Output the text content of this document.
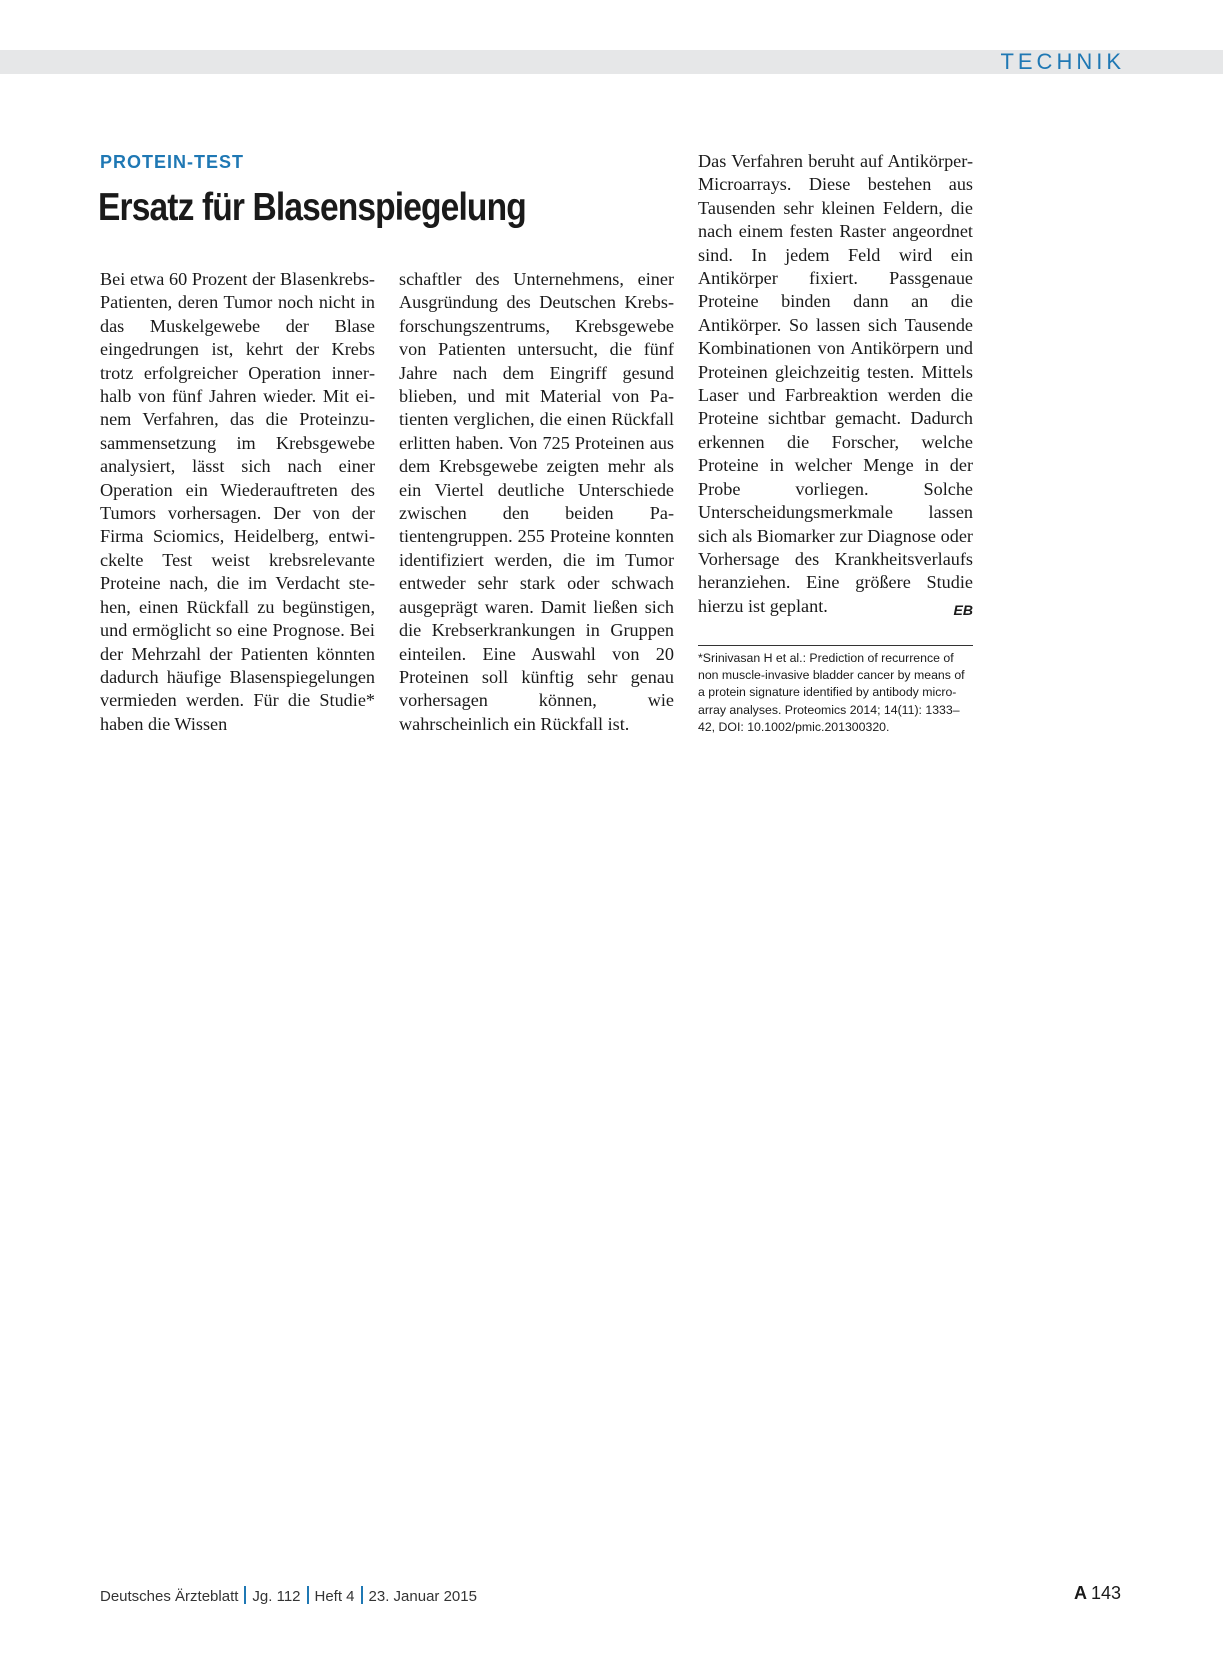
TECHNIK
PROTEIN-TEST
Ersatz für Blasenspiegelung

Bei etwa 60 Prozent der Blasenkrebs-Patienten, deren Tumor noch nicht in das Muskelgewebe der Blase eingedrungen ist, kehrt der Krebs trotz erfolgreicher Operation innerhalb von fünf Jahren wieder. Mit einem Verfahren, das die Proteinzusammensetzung im Krebsgewebe analysiert, lässt sich nach einer Operation ein Wiederauftreten des Tumors vorhersagen. Der von der Firma Sciomics, Heidelberg, entwickelte Test weist krebsrelevante Proteine nach, die im Verdacht stehen, einen Rückfall zu begünstigen, und ermöglicht so eine Prognose. Bei der Mehrzahl der Patienten könnten dadurch häufige Blasenspiegelungen vermieden werden. Für die Studie* haben die Wissen

schaftler des Unternehmens, einer Ausgründung des Deutschen Krebsforschungszentrums, Krebsgewebe von Patienten untersucht, die fünf Jahre nach dem Eingriff gesund blieben, und mit Material von Patienten verglichen, die einen Rückfall erlitten haben. Von 725 Proteinen aus dem Krebsgewebe zeigten mehr als ein Viertel deutliche Unterschiede zwischen den beiden Patientengruppen. 255 Proteine konnten identifiziert werden, die im Tumor entweder sehr stark oder schwach ausgeprägt waren. Damit ließen sich die Krebserkrankungen in Gruppen einteilen. Eine Auswahl von 20 Proteinen soll künftig sehr genau vorhersagen können, wie wahrscheinlich ein Rückfall ist.

Das Verfahren beruht auf Antikörper-Microarrays. Diese bestehen aus Tausenden sehr kleinen Feldern, die nach einem festen Raster angeordnet sind. In jedem Feld wird ein Antikörper fixiert. Passgenaue Proteine binden dann an die Antikörper. So lassen sich Tausende Kombinationen von Antikörpern und Proteinen gleichzeitig testen. Mittels Laser und Farbreaktion werden die Proteine sichtbar gemacht. Dadurch erkennen die Forscher, welche Proteine in welcher Menge in der Probe vorliegen. Solche Unterscheidungsmerkmale lassen sich als Biomarker zur Diagnose oder Vorhersage des Krankheitsverlaufs heranziehen. Eine größere Studie hierzu ist geplant.	EB
*Srinivasan H et al.: Prediction of recurrence of non muscle-invasive bladder cancer by means of a protein signature identified by antibody microarray analyses. Proteomics 2014; 14(11): 1333–42, DOI: 10.1002/pmic.201300320.
Deutsches Ärzteblatt Jg. 112 Heft 4 23. Januar 2015	A 143
